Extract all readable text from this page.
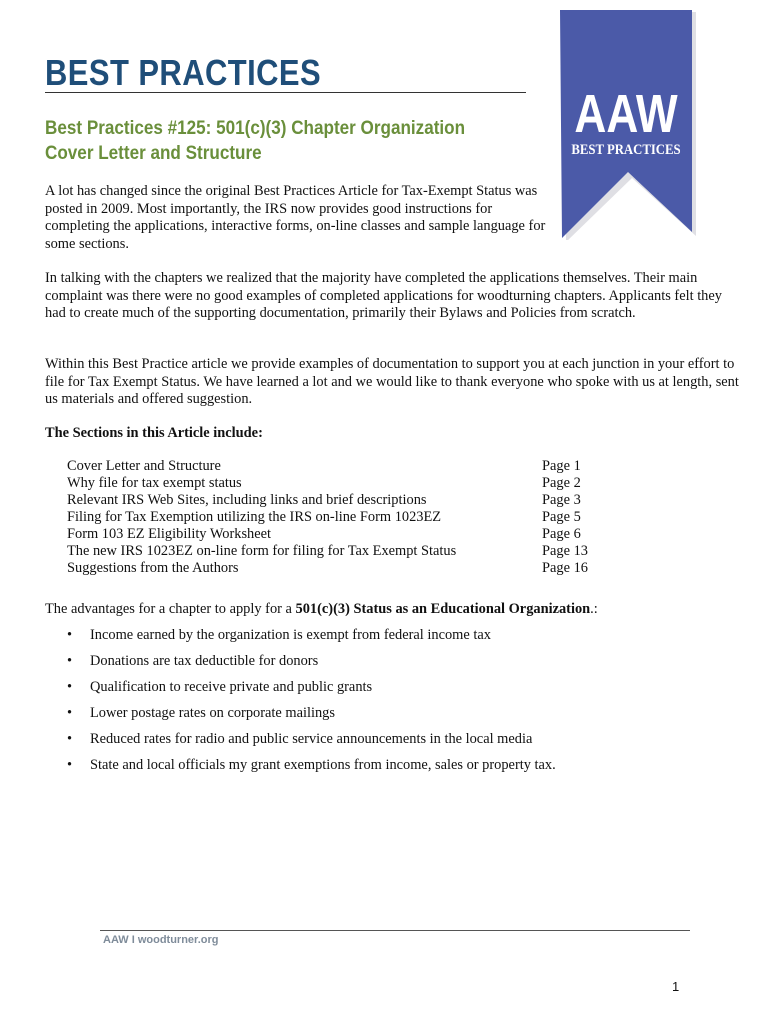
BEST PRACTICES
Best Practices #125: 501(c)(3) Chapter Organization
Cover Letter and Structure
AAW
BEST PRACTICES

A lot has changed since the original Best Practices Article for Tax-Exempt Status was posted in 2009. Most importantly, the IRS now provides good instructions for completing the applications, interactive forms, on-line classes and sample language for some sections.

In talking with the chapters we realized that the majority have completed the applications themselves. Their main complaint was there were no good examples of completed applications for woodturning chapters. Applicants felt they had to create much of the supporting documentation, primarily their Bylaws and Policies from scratch.

Within this Best Practice article we provide examples of documentation to support you at each junction in your effort to file for Tax Exempt Status. We have learned a lot and we would like to thank everyone who spoke with us at length, sent us materials and offered suggestion.

The Sections in this Article include:

Cover Letter and Structure	Page 1
Why file for tax exempt status	Page 2
Relevant IRS Web Sites, including links and brief descriptions	Page 3
Filing for Tax Exemption utilizing the IRS on-line Form 1023EZ	Page 5
Form 103 EZ Eligibility Worksheet	Page 6
The new IRS 1023EZ on-line form for filing for Tax Exempt Status	Page 13
Suggestions from the Authors	Page 16

The advantages for a chapter to apply for a 501(c)(3) Status as an Educational Organization.:

• Income earned by the organization is exempt from federal income tax
• Donations are tax deductible for donors
• Qualification to receive private and public grants
• Lower postage rates on corporate mailings
• Reduced rates for radio and public service announcements in the local media
• State and local officials my grant exemptions from income, sales or property tax.

AAW I woodturner.org

1
